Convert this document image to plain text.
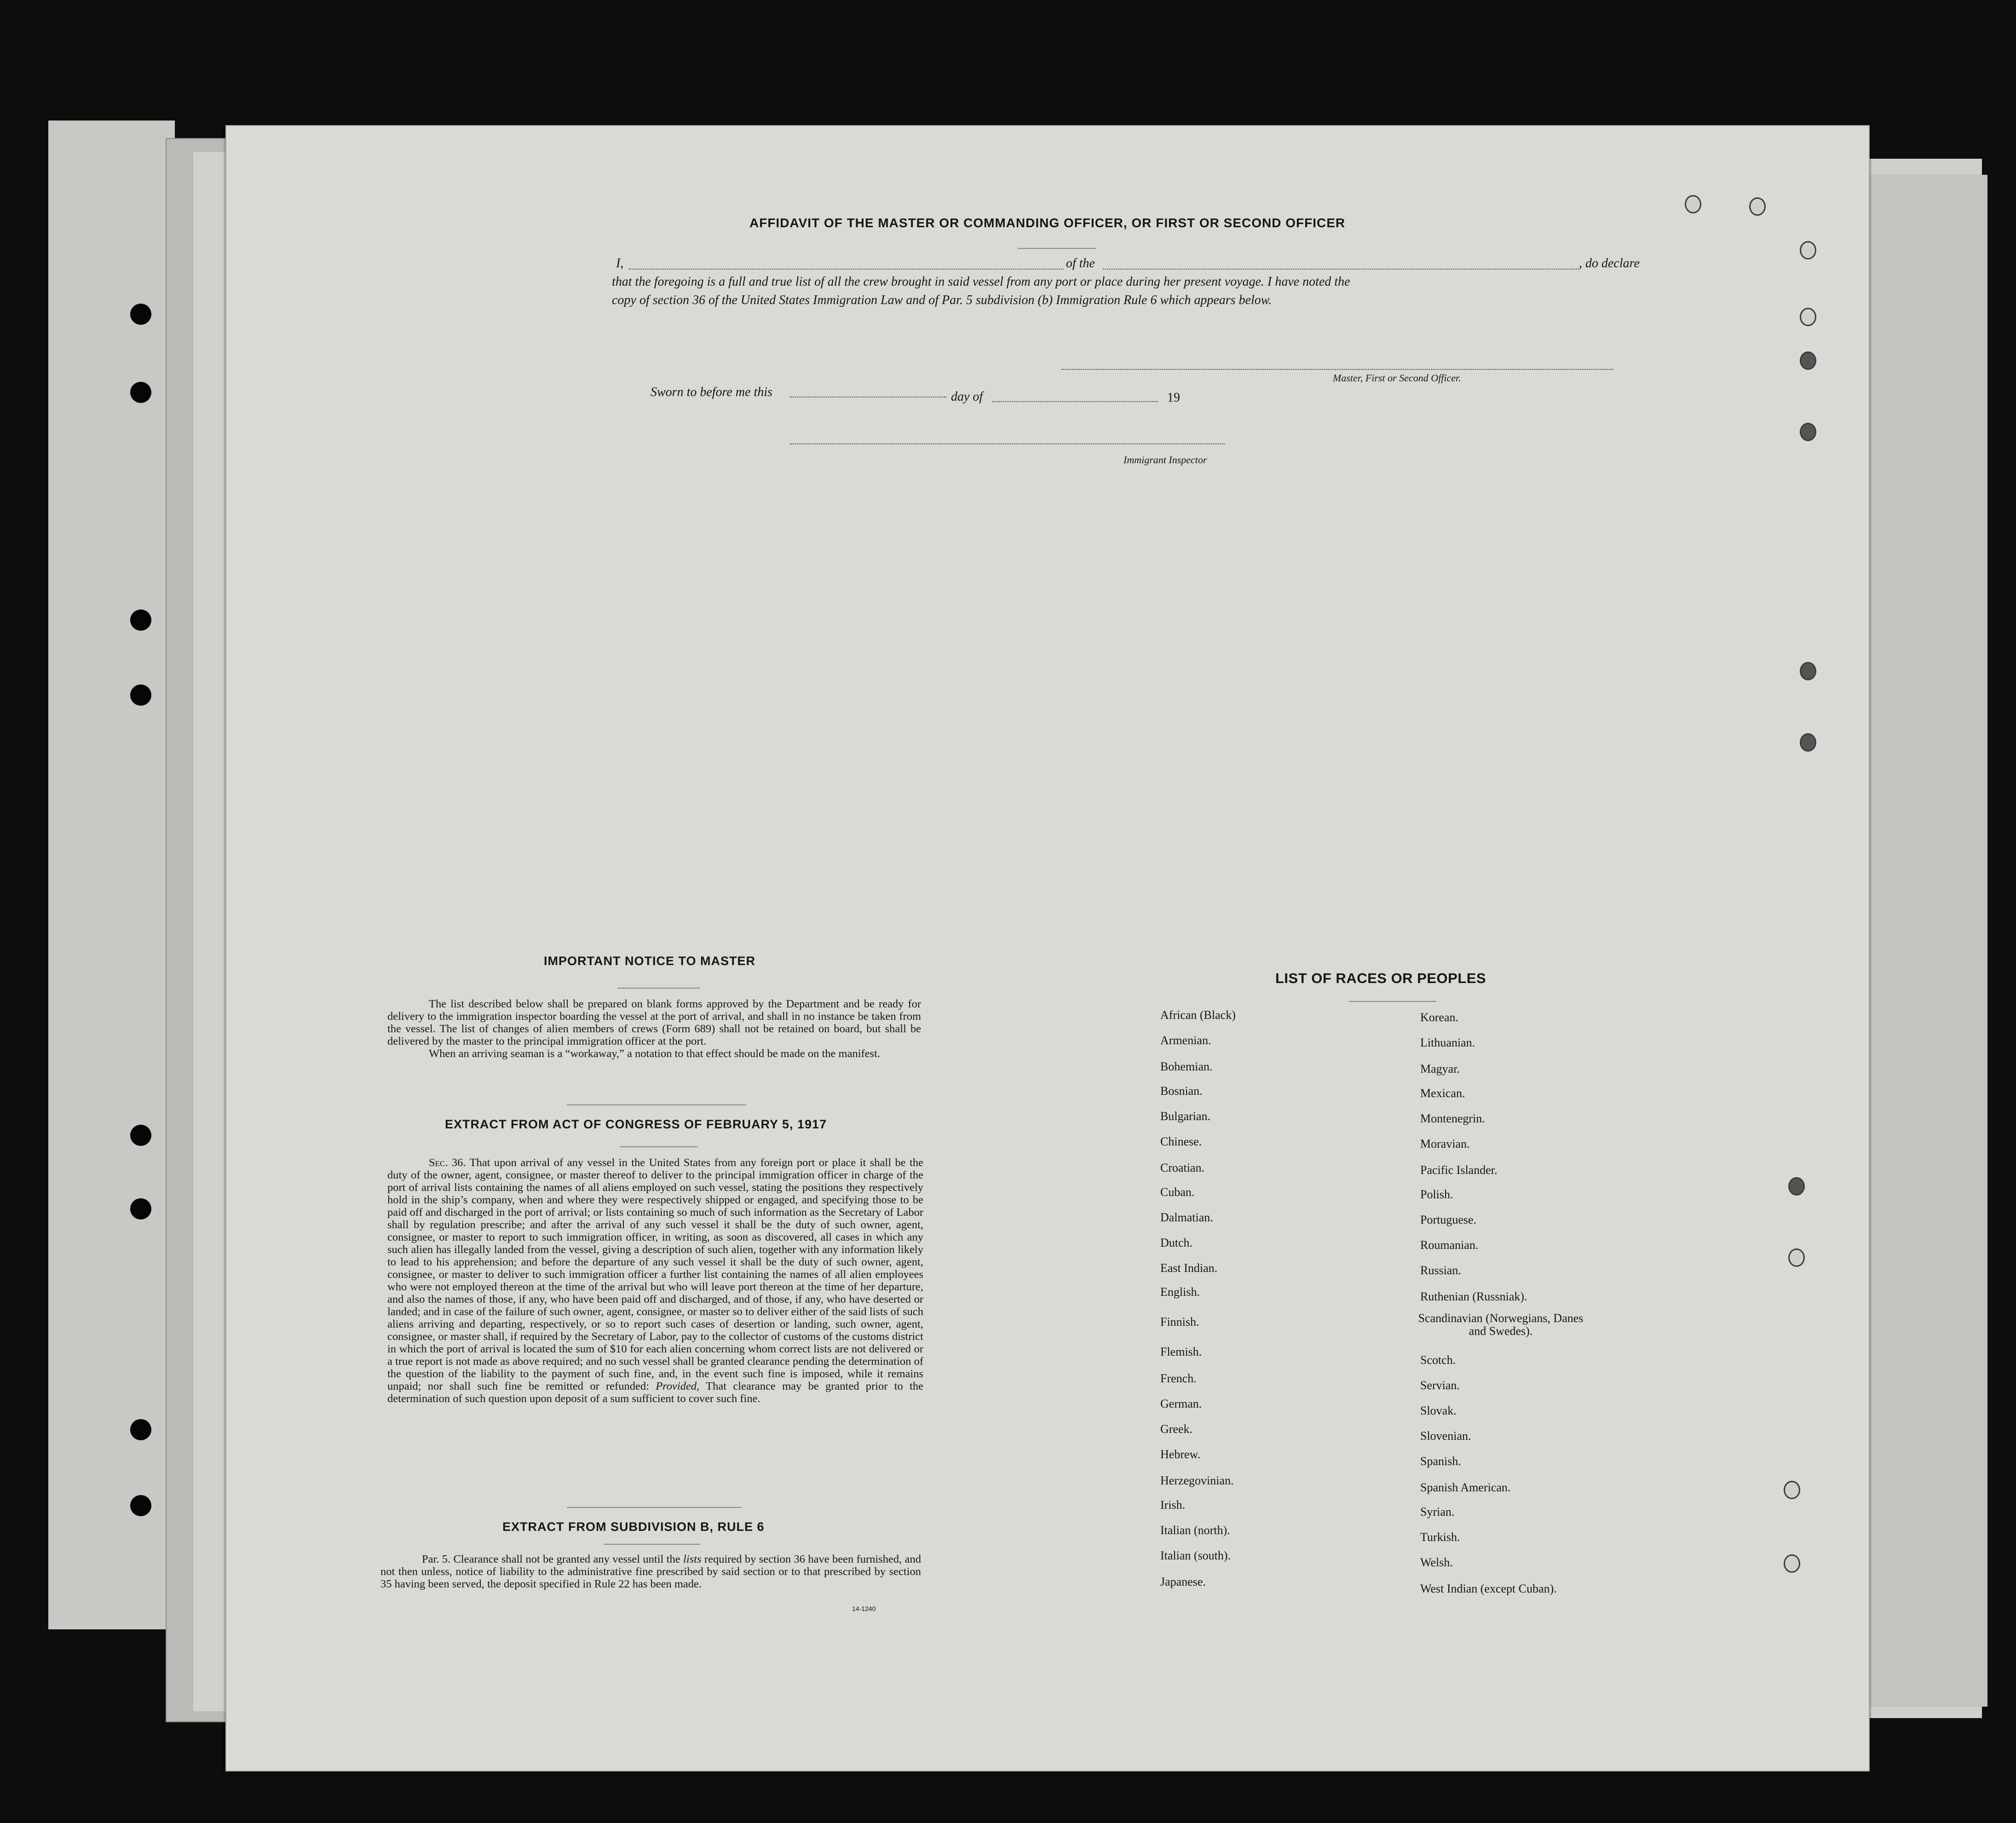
AFFIDAVIT OF THE MASTER OR COMMANDING OFFICER, OR FIRST OR SECOND OFFICER
I,	of the	, do declare
that the foregoing is a full and true list of all the crew brought in said vessel from any port or place during her present voyage. I have noted the
copy of section 36 of the United States Immigration Law and of Par. 5 subdivision (b) Immigration Rule 6 which appears below.
Master, First or Second Officer.
Sworn to before me this	day of	19
Immigrant Inspector
IMPORTANT NOTICE TO MASTER
The list described below shall be prepared on blank forms approved by the Department and be ready for delivery to the immigration inspector boarding the vessel at the port of arrival, and shall in no instance be taken from the vessel. The list of changes of alien members of crews (Form 689) shall not be retained on board, but shall be delivered by the master to the principal immigration officer at the port.
When an arriving seaman is a “workaway,” a notation to that effect should be made on the manifest.
EXTRACT FROM ACT OF CONGRESS OF FEBRUARY 5, 1917
Sec. 36. That upon arrival of any vessel in the United States from any foreign port or place it shall be the duty of the owner, agent, consignee, or master thereof to deliver to the principal immigration officer in charge of the port of arrival lists containing the names of all aliens employed on such vessel, stating the positions they respectively hold in the ship’s company, when and where they were respectively shipped or engaged, and specifying those to be paid off and discharged in the port of arrival; or lists containing so much of such information as the Secretary of Labor shall by regulation prescribe; and after the arrival of any such vessel it shall be the duty of such owner, agent, consignee, or master to report to such immigration officer, in writing, as soon as discovered, all cases in which any such alien has illegally landed from the vessel, giving a description of such alien, together with any information likely to lead to his apprehension; and before the departure of any such vessel it shall be the duty of such owner, agent, consignee, or master to deliver to such immigration officer a further list containing the names of all alien employees who were not employed thereon at the time of the arrival but who will leave port thereon at the time of her departure, and also the names of those, if any, who have been paid off and discharged, and of those, if any, who have deserted or landed; and in case of the failure of such owner, agent, consignee, or master so to deliver either of the said lists of such aliens arriving and departing, respectively, or so to report such cases of desertion or landing, such owner, agent, consignee, or master shall, if required by the Secretary of Labor, pay to the collector of customs of the customs district in which the port of arrival is located the sum of $10 for each alien concerning whom correct lists are not delivered or a true report is not made as above required; and no such vessel shall be granted clearance pending the determination of the question of the liability to the payment of such fine, and, in the event such fine is imposed, while it remains unpaid; nor shall such fine be remitted or refunded: Provided, That clearance may be granted prior to the determination of such question upon deposit of a sum sufficient to cover such fine.
EXTRACT FROM SUBDIVISION B, RULE 6
Par. 5. Clearance shall not be granted any vessel until the lists required by section 36 have been furnished, and not then unless, notice of liability to the administrative fine prescribed by said section or to that prescribed by section 35 having been served, the deposit specified in Rule 22 has been made.
14-1240
LIST OF RACES OR PEOPLES
African (Black)
Armenian.
Bohemian.
Bosnian.
Bulgarian.
Chinese.
Croatian.
Cuban.
Dalmatian.
Dutch.
East Indian.
English.
Finnish.
Flemish.
French.
German.
Greek.
Hebrew.
Herzegovinian.
Irish.
Italian (north).
Italian (south).
Japanese.
Korean.
Lithuanian.
Magyar.
Mexican.
Montenegrin.
Moravian.
Pacific Islander.
Polish.
Portuguese.
Roumanian.
Russian.
Ruthenian (Russniak).
Scandinavian (Norwegians, Danes and Swedes).
Scotch.
Servian.
Slovak.
Slovenian.
Spanish.
Spanish American.
Syrian.
Turkish.
Welsh.
West Indian (except Cuban).
